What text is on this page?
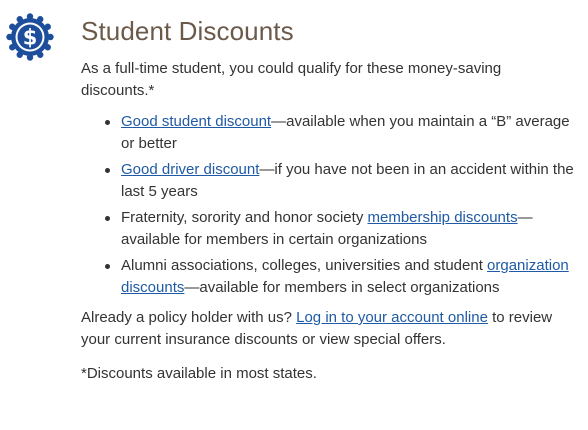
$ Student Discounts

As a full-time student, you could qualify for these money-saving discounts.*

Good student discount—available when you maintain a “B” average or better
Good driver discount—if you have not been in an accident within the last 5 years
Fraternity, sorority and honor society membership discounts—available for members in certain organizations
Alumni associations, colleges, universities and student organization discounts—available for members in select organizations

Already a policy holder with us? Log in to your account online to review your current insurance discounts or view special offers.

*Discounts available in most states.
